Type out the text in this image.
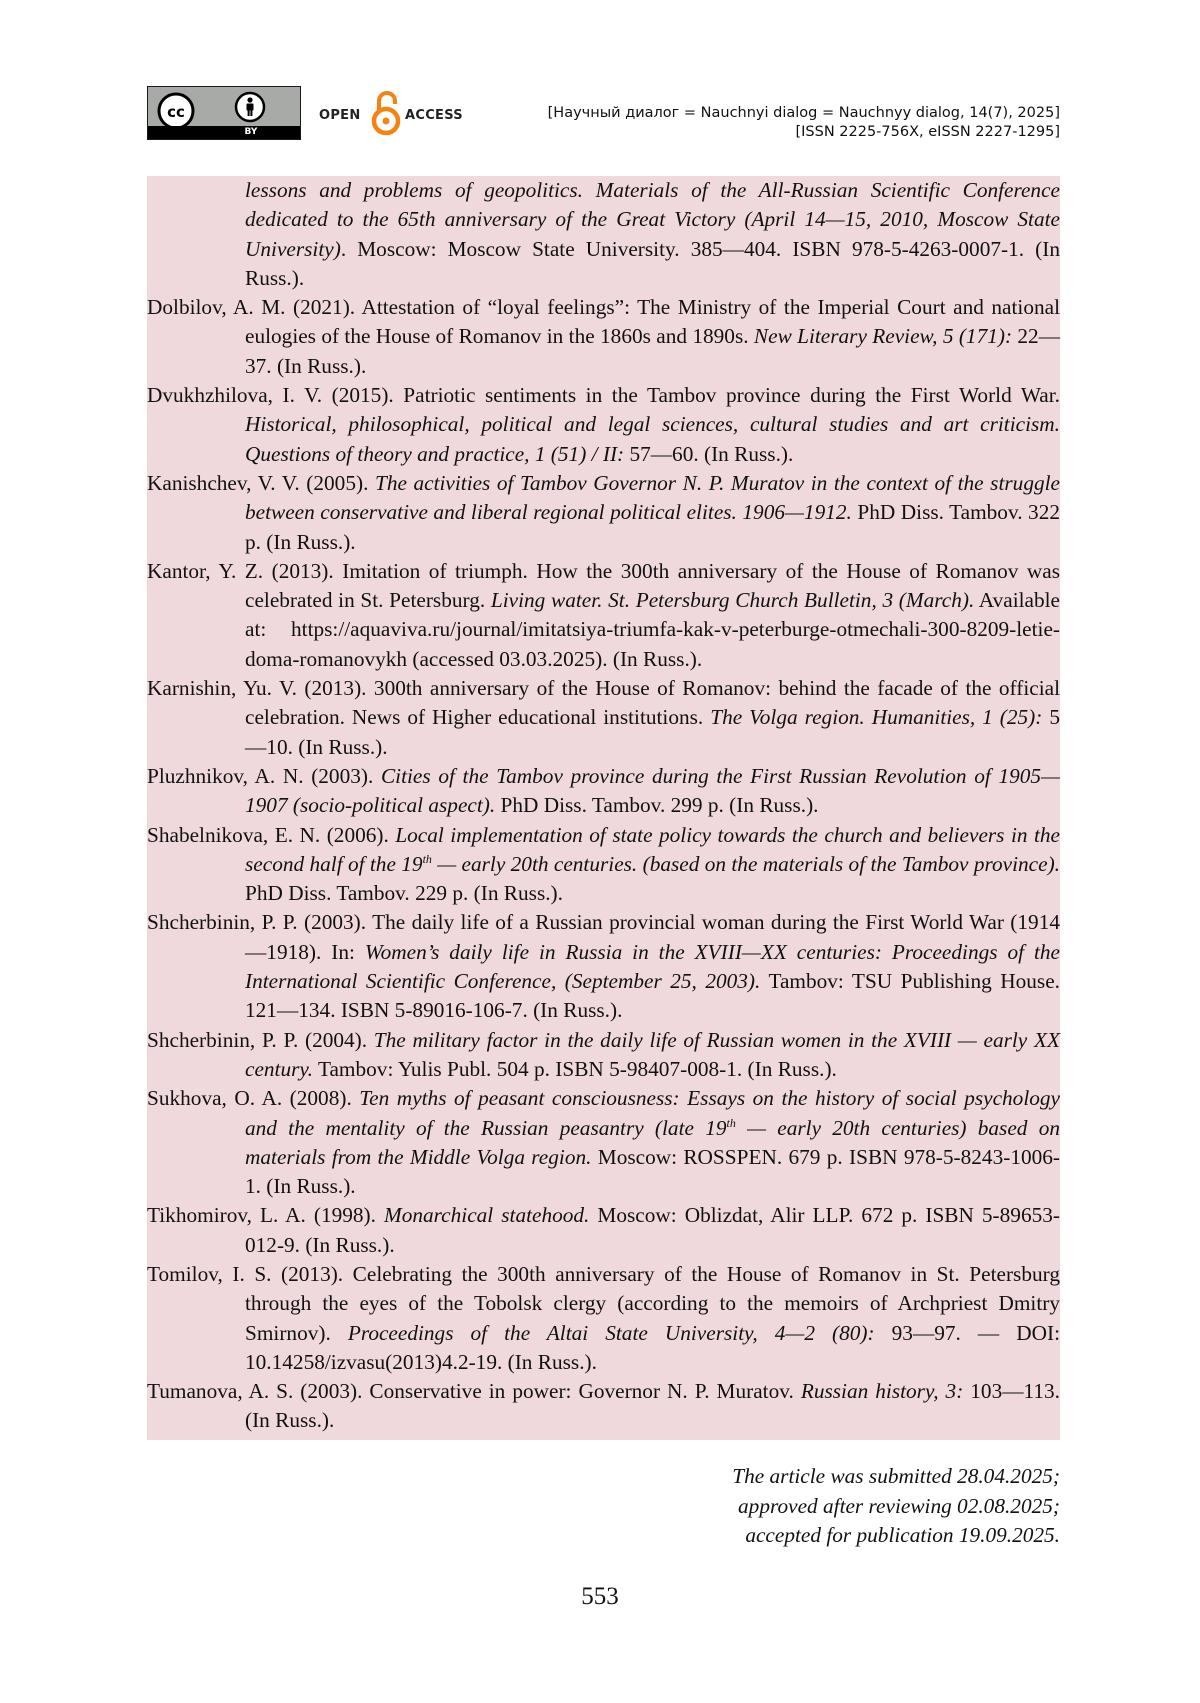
cc
BY
OPEN	ACCESS	[Научный диалог = Nauchnyi dialog = Nauchnyy dialog, 14(7), 2025]
[ISSN 2225-756X, eISSN 2227-1295]

lessons and problems of geopolitics. Materials of the All-Russian Scientific Conference dedicated to the 65th anniversary of the Great Victory (April 14—15, 2010, Moscow State University). Moscow: Moscow State University. 385—404. ISBN 978-5-4263-0007-1. (In Russ.).

Dolbilov, A. M. (2021). Attestation of “loyal feelings”: The Ministry of the Imperial Court and national eulogies of the House of Romanov in the 1860s and 1890s. New Literary Review, 5 (171): 22—37. (In Russ.).

Dvukhzhilova, I. V. (2015). Patriotic sentiments in the Tambov province during the First World War. Historical, philosophical, political and legal sciences, cultural studies and art criticism. Questions of theory and practice, 1 (51) / II: 57—60. (In Russ.).

Kanishchev, V. V. (2005). The activities of Tambov Governor N. P. Muratov in the context of the struggle between conservative and liberal regional political elites. 1906—1912. PhD Diss. Tambov. 322 p. (In Russ.).

Kantor, Y. Z. (2013). Imitation of triumph. How the 300th anniversary of the House of Romanov was celebrated in St. Petersburg. Living water. St. Petersburg Church Bulletin, 3 (March). Available at: https://aquaviva.ru/journal/imitatsiya-triumfa-kak-v-peterburge-otmechali-300-8209-letie-doma-romanovykh (accessed 03.03.2025). (In Russ.).

Karnishin, Yu. V. (2013). 300th anniversary of the House of Romanov: behind the facade of the official celebration. News of Higher educational institutions. The Volga region. Humanities, 1 (25): 5—10. (In Russ.).

Pluzhnikov, A. N. (2003). Cities of the Tambov province during the First Russian Revolution of 1905—1907 (socio-political aspect). PhD Diss. Tambov. 299 p. (In Russ.).

Shabelnikova, E. N. (2006). Local implementation of state policy towards the church and believers in the second half of the 19th — early 20th centuries. (based on the materials of the Tambov province). PhD Diss. Tambov. 229 p. (In Russ.).

Shcherbinin, P. P. (2003). The daily life of a Russian provincial woman during the First World War (1914—1918). In: Women’s daily life in Russia in the XVIII—XX centuries: Proceedings of the International Scientific Conference, (September 25, 2003). Tambov: TSU Publishing House. 121—134. ISBN 5-89016-106-7. (In Russ.).

Shcherbinin, P. P. (2004). The military factor in the daily life of Russian women in the XVIII — early XX century. Tambov: Yulis Publ. 504 p. ISBN 5-98407-008-1. (In Russ.).

Sukhova, O. A. (2008). Ten myths of peasant consciousness: Essays on the history of social psychology and the mentality of the Russian peasantry (late 19th — early 20th centuries) based on materials from the Middle Volga region. Moscow: ROSSPEN. 679 p. ISBN 978-5-8243-1006-1. (In Russ.).

Tikhomirov, L. A. (1998). Monarchical statehood. Moscow: Oblizdat, Alir LLP. 672 p. ISBN 5-89653-012-9. (In Russ.).

Tomilov, I. S. (2013). Celebrating the 300th anniversary of the House of Romanov in St. Petersburg through the eyes of the Tobolsk clergy (according to the memoirs of Archpriest Dmitry Smirnov). Proceedings of the Altai State University, 4—2 (80): 93—97. — DOI: 10.14258/izvasu(2013)4.2-19. (In Russ.).

Tumanova, A. S. (2003). Conservative in power: Governor N. P. Muratov. Russian history, 3: 103—113. (In Russ.).

The article was submitted 28.04.2025;
approved after reviewing 02.08.2025;
accepted for publication 19.09.2025.
553
